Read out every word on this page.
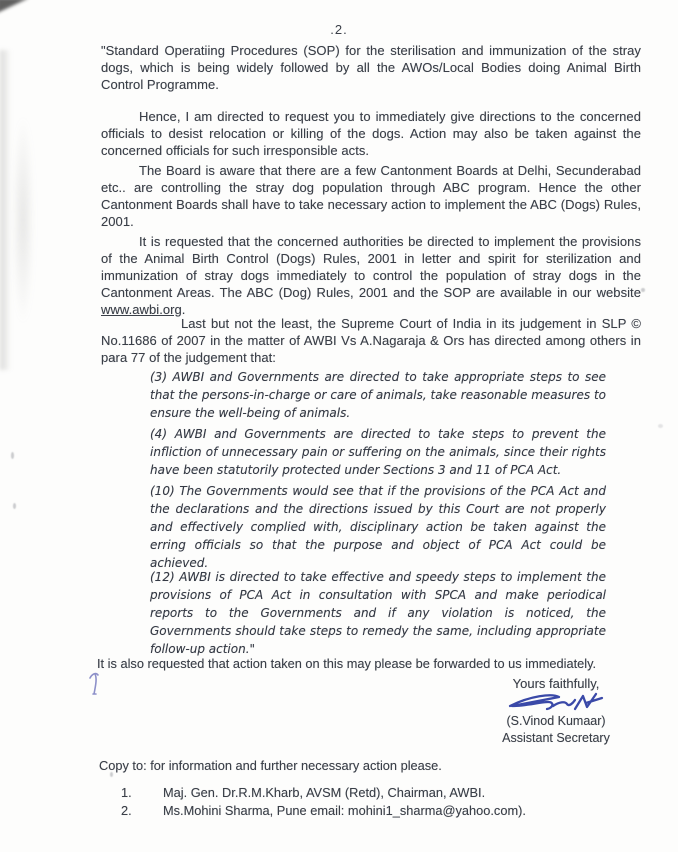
.2.

"Standard Operatiing Procedures (SOP) for the sterilisation and immunization of the stray dogs, which is being widely followed by all the AWOs/Local Bodies doing Animal Birth Control Programme.

Hence, I am directed to request you to immediately give directions to the concerned officials to desist relocation or killing of the dogs. Action may also be taken against the concerned officials for such irresponsible acts.

The Board is aware that there are a few Cantonment Boards at Delhi, Secunderabad etc.. are controlling the stray dog population through ABC program. Hence the other Cantonment Boards shall have to take necessary action to implement the ABC (Dogs) Rules, 2001.

It is requested that the concerned authorities be directed to implement the provisions of the Animal Birth Control (Dogs) Rules, 2001 in letter and spirit for sterilization and immunization of stray dogs immediately to control the population of stray dogs in the Cantonment Areas. The ABC (Dog) Rules, 2001 and the SOP are available in our website www.awbi.org.

Last but not the least, the Supreme Court of India in its judgement in SLP © No.11686 of 2007 in the matter of AWBI Vs A.Nagaraja & Ors has directed among others in para 77 of the judgement that:

(3) AWBI and Governments are directed to take appropriate steps to see that the persons-in-charge or care of animals, take reasonable measures to ensure the well-being of animals.

(4) AWBI and Governments are directed to take steps to prevent the infliction of unnecessary pain or suffering on the animals, since their rights have been statutorily protected under Sections 3 and 11 of PCA Act.

(10) The Governments would see that if the provisions of the PCA Act and the declarations and the directions issued by this Court are not properly and effectively complied with, disciplinary action be taken against the erring officials so that the purpose and object of PCA Act could be achieved.

(12) AWBI is directed to take effective and speedy steps to implement the provisions of PCA Act in consultation with SPCA and make periodical reports to the Governments and if any violation is noticed, the Governments should take steps to remedy the same, including appropriate follow-up action."

It is also requested that action taken on this may please be forwarded to us immediately.

Yours faithfully,

(S.Vinod Kumaar)

Assistant Secretary

Copy to: for information and further necessary action please.

1. Maj. Gen. Dr.R.M.Kharb, AVSM (Retd), Chairman, AWBI.
2. Ms.Mohini Sharma, Pune email: mohini1_sharma@yahoo.com).
